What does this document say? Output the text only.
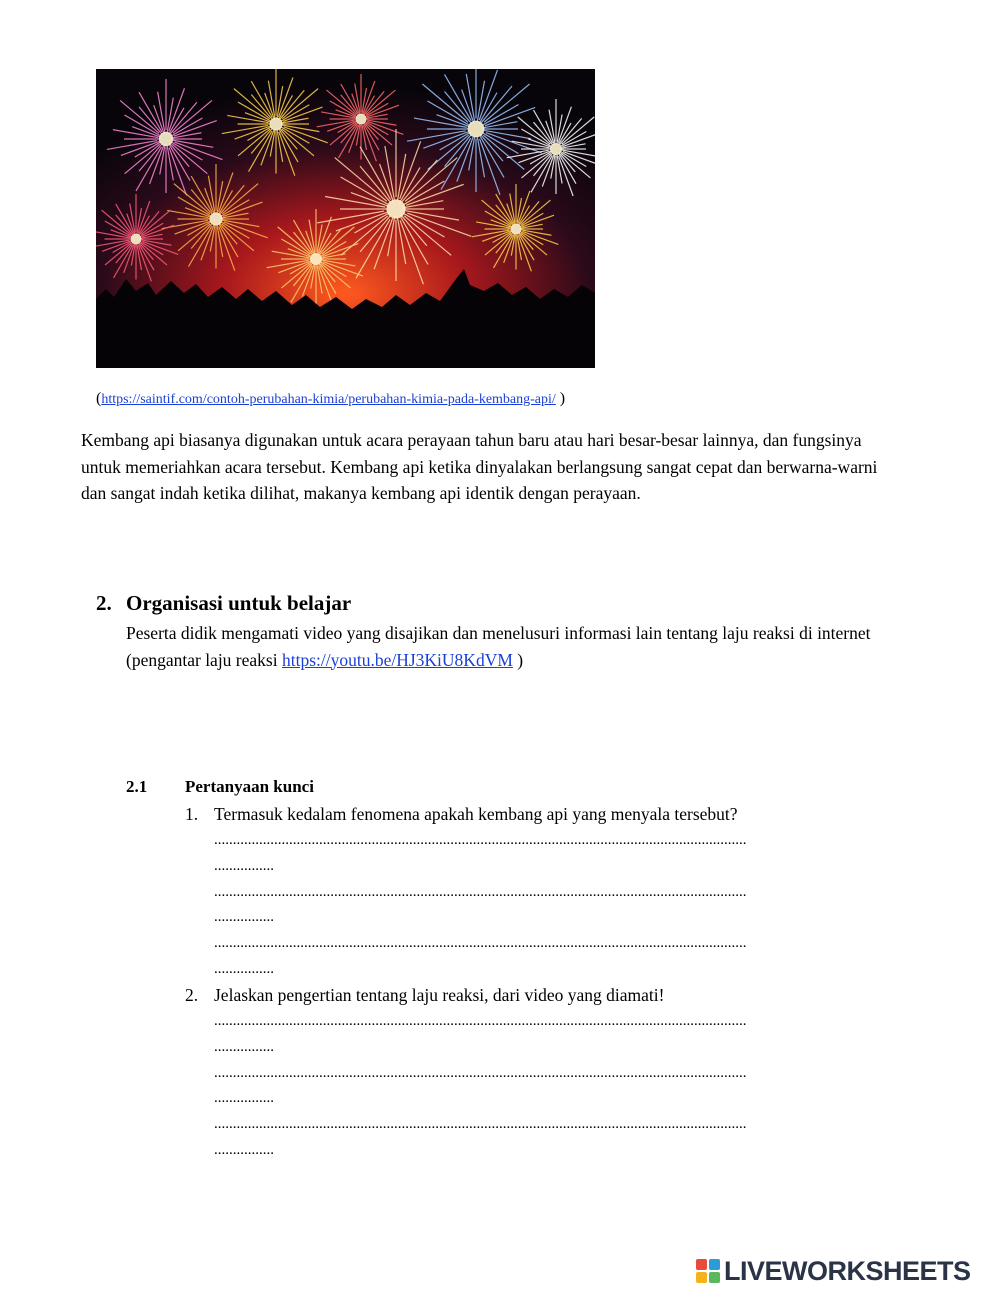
(https://saintif.com/contoh-perubahan-kimia/perubahan-kimia-pada-kembang-api/ )

Kembang api biasanya digunakan untuk acara perayaan tahun baru atau hari besar-besar lainnya, dan fungsinya untuk memeriahkan acara tersebut. Kembang api ketika dinyalakan berlangsung sangat cepat dan berwarna-warni dan sangat indah ketika dilihat, makanya kembang api identik dengan perayaan.

2. Organisasi untuk belajar

Peserta didik mengamati video yang disajikan dan menelusuri informasi lain tentang laju reaksi di internet

(pengantar laju reaksi https://youtu.be/HJ3KiU8KdVM )

2.1 Pertanyaan kunci
1. Termasuk kedalam fenomena apakah kembang api yang menyala tersebut?
..............................................................................................................................................
................
..............................................................................................................................................
................
..............................................................................................................................................
................
2. Jelaskan pengertian tentang laju reaksi, dari video yang diamati!
..............................................................................................................................................
................
..............................................................................................................................................
................
..............................................................................................................................................
................
LIVEWORKSHEETS
